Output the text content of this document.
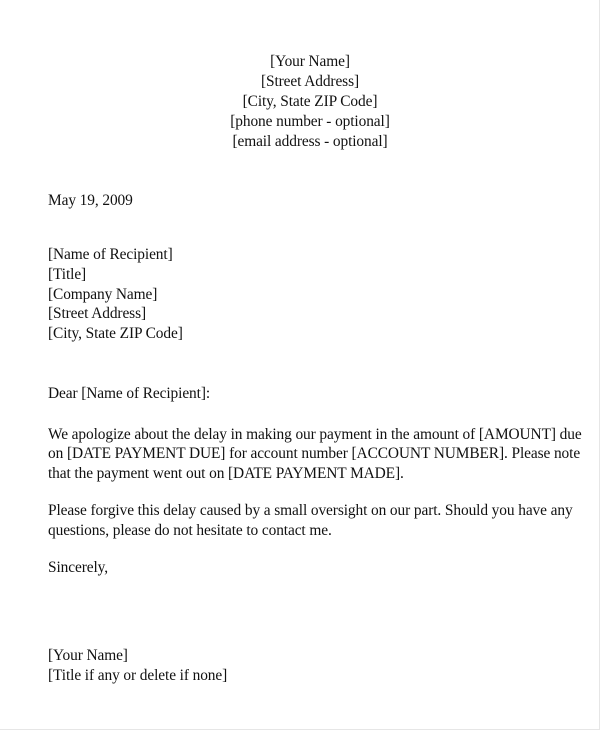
[Your Name]
[Street Address]
[City, State ZIP Code]
[phone number - optional]
[email address - optional]
May 19, 2009
[Name of Recipient]
[Title]
[Company Name]
[Street Address]
[City, State ZIP Code]
Dear [Name of Recipient]:
We apologize about the delay in making our payment in the amount of [AMOUNT] due
on [DATE PAYMENT DUE] for account number [ACCOUNT NUMBER]. Please note
that the payment went out on [DATE PAYMENT MADE].
Please forgive this delay caused by a small oversight on our part. Should you have any
questions, please do not hesitate to contact me.
Sincerely,
[Your Name]
[Title if any or delete if none]
